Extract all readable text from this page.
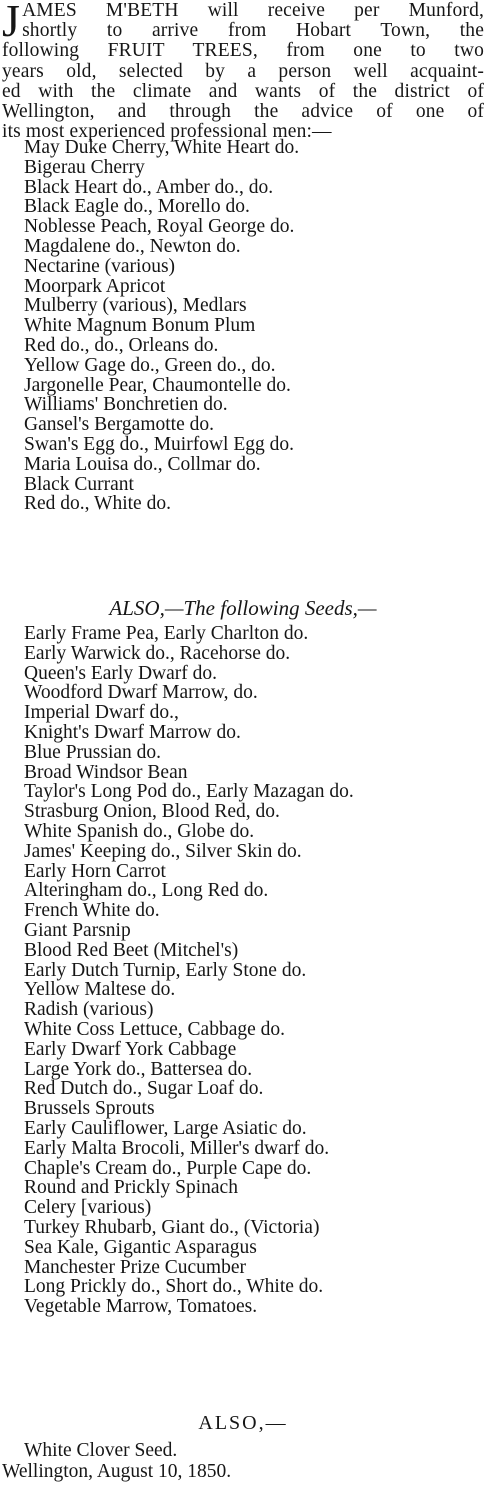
J AMES M'BETH will receive per Munford,
shortly to arrive from Hobart Town, the
following FRUIT TREES, from one to two
years old, selected by a person well acquaint-
ed with the climate and wants of the district of
Wellington, and through the advice of one of
its most experienced professional men:—
May Duke Cherry, White Heart do.
Bigerau Cherry
Black Heart do., Amber do., do.
Black Eagle do., Morello do.
Noblesse Peach, Royal George do.
Magdalene do., Newton do.
Nectarine (various)
Moorpark Apricot
Mulberry (various), Medlars
White Magnum Bonum Plum
Red do., do., Orleans do.
Yellow Gage do., Green do., do.
Jargonelle Pear, Chaumontelle do.
Williams' Bonchretien do.
Gansel's Bergamotte do.
Swan's Egg do., Muirfowl Egg do.
Maria Louisa do., Collmar do.
Black Currant
Red do., White do.
ALSO,—The following Seeds,—
Early Frame Pea, Early Charlton do.
Early Warwick do., Racehorse do.
Queen's Early Dwarf do.
Woodford Dwarf Marrow, do.
Imperial Dwarf do.,
Knight's Dwarf Marrow do.
Blue Prussian do.
Broad Windsor Bean
Taylor's Long Pod do., Early Mazagan do.
Strasburg Onion, Blood Red, do.
White Spanish do., Globe do.
James' Keeping do., Silver Skin do.
Early Horn Carrot
Alteringham do., Long Red do.
French White do.
Giant Parsnip
Blood Red Beet (Mitchel's)
Early Dutch Turnip, Early Stone do.
Yellow Maltese do.
Radish (various)
White Coss Lettuce, Cabbage do.
Early Dwarf York Cabbage
Large York do., Battersea do.
Red Dutch do., Sugar Loaf do.
Brussels Sprouts
Early Cauliflower, Large Asiatic do.
Early Malta Brocoli, Miller's dwarf do.
Chaple's Cream do., Purple Cape do.
Round and Prickly Spinach
Celery [various)
Turkey Rhubarb, Giant do., (Victoria)
Sea Kale, Gigantic Asparagus
Manchester Prize Cucumber
Long Prickly do., Short do., White do.
Vegetable Marrow, Tomatoes.
ALSO,—
White Clover Seed.
Wellington, August 10, 1850.
